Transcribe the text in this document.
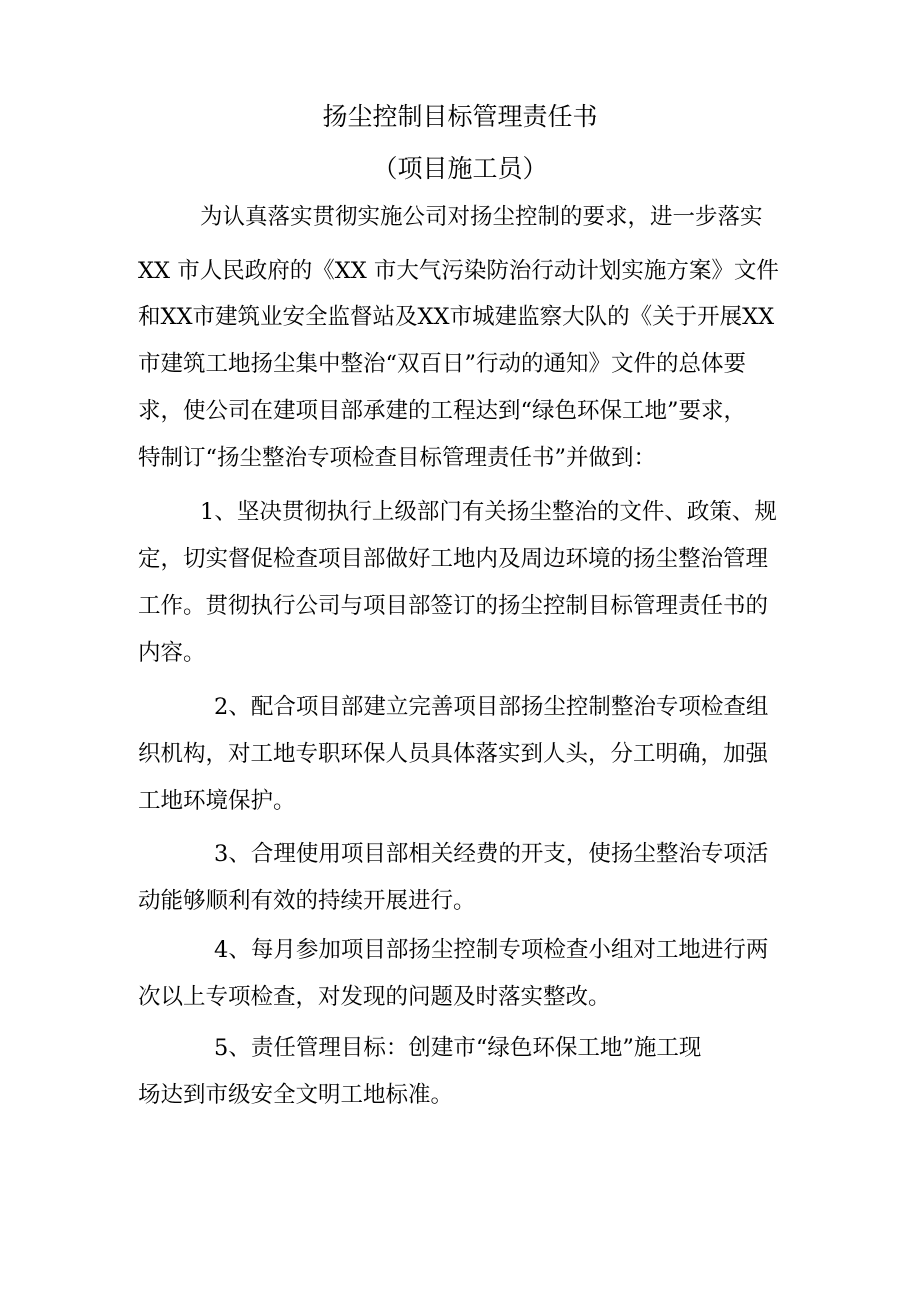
扬尘控制目标管理责任书
（项目施工员）
为认真落实贯彻实施公司对扬尘控制的要求，进一步落实
XX 市人民政府的《XX 市大气污染防治行动计划实施方案》文件
和XX市建筑业安全监督站及XX市城建监察大队的《关于开展XX
市建筑工地扬尘集中整治“双百日”行动的通知》文件的总体要
求，使公司在建项目部承建的工程达到“绿色环保工地”要求，
特制订“扬尘整治专项检查目标管理责任书”并做到：
1、坚决贯彻执行上级部门有关扬尘整治的文件、政策、规
定，切实督促检查项目部做好工地内及周边环境的扬尘整治管理
工作。贯彻执行公司与项目部签订的扬尘控制目标管理责任书的
内容。
2、配合项目部建立完善项目部扬尘控制整治专项检查组
织机构，对工地专职环保人员具体落实到人头，分工明确，加强
工地环境保护。
3、合理使用项目部相关经费的开支，使扬尘整治专项活
动能够顺利有效的持续开展进行。
4、每月参加项目部扬尘控制专项检查小组对工地进行两
次以上专项检查，对发现的问题及时落实整改。
5、责任管理目标：创建市“绿色环保工地”施工现
场达到市级安全文明工地标准。
